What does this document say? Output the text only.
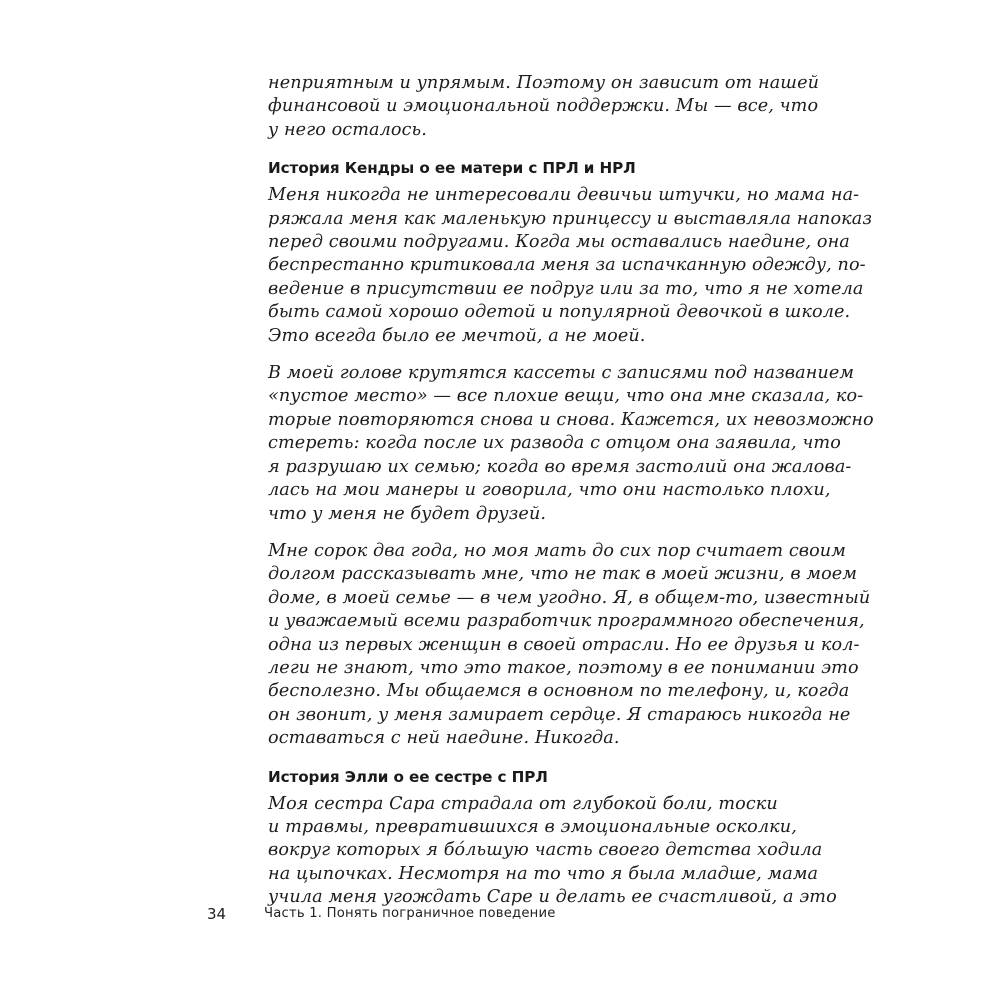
неприятным и упрямым. Поэтому он зависит от нашей
финансовой и эмоциональной поддержки. Мы — все, что
у него осталось.

История Кендры о ее матери с ПРЛ и НРЛ

Меня никогда не интересовали девичьи штучки, но мама на-
ряжала меня как маленькую принцессу и выставляла напоказ
перед своими подругами. Когда мы оставались наедине, она
беспрестанно критиковала меня за испачканную одежду, по-
ведение в присутствии ее подруг или за то, что я не хотела
быть самой хорошо одетой и популярной девочкой в школе.
Это всегда было ее мечтой, а не моей.

В моей голове крутятся кассеты с записями под названием
«пустое место» — все плохие вещи, что она мне сказала, ко-
торые повторяются снова и снова. Кажется, их невозможно
стереть: когда после их развода с отцом она заявила, что
я разрушаю их семью; когда во время застолий она жалова-
лась на мои манеры и говорила, что они настолько плохи,
что у меня не будет друзей.

Мне сорок два года, но моя мать до сих пор считает своим
долгом рассказывать мне, что не так в моей жизни, в моем
доме, в моей семье — в чем угодно. Я, в общем-то, известный
и уважаемый всеми разработчик программного обеспечения,
одна из первых женщин в своей отрасли. Но ее друзья и кол-
леги не знают, что это такое, поэтому в ее понимании это
бесполезно. Мы общаемся в основном по телефону, и, когда
он звонит, у меня замирает сердце. Я стараюсь никогда не
оставаться с ней наедине. Никогда.

История Элли о ее сестре с ПРЛ

Моя сестра Сара страдала от глубокой боли, тоски
и травмы, превратившихся в эмоциональные осколки,
вокруг которых я бóльшую часть своего детства ходила
на цыпочках. Несмотря на то что я была младше, мама
учила меня угождать Саре и делать ее счастливой, а это

34	Часть 1. Понять пограничное поведение
